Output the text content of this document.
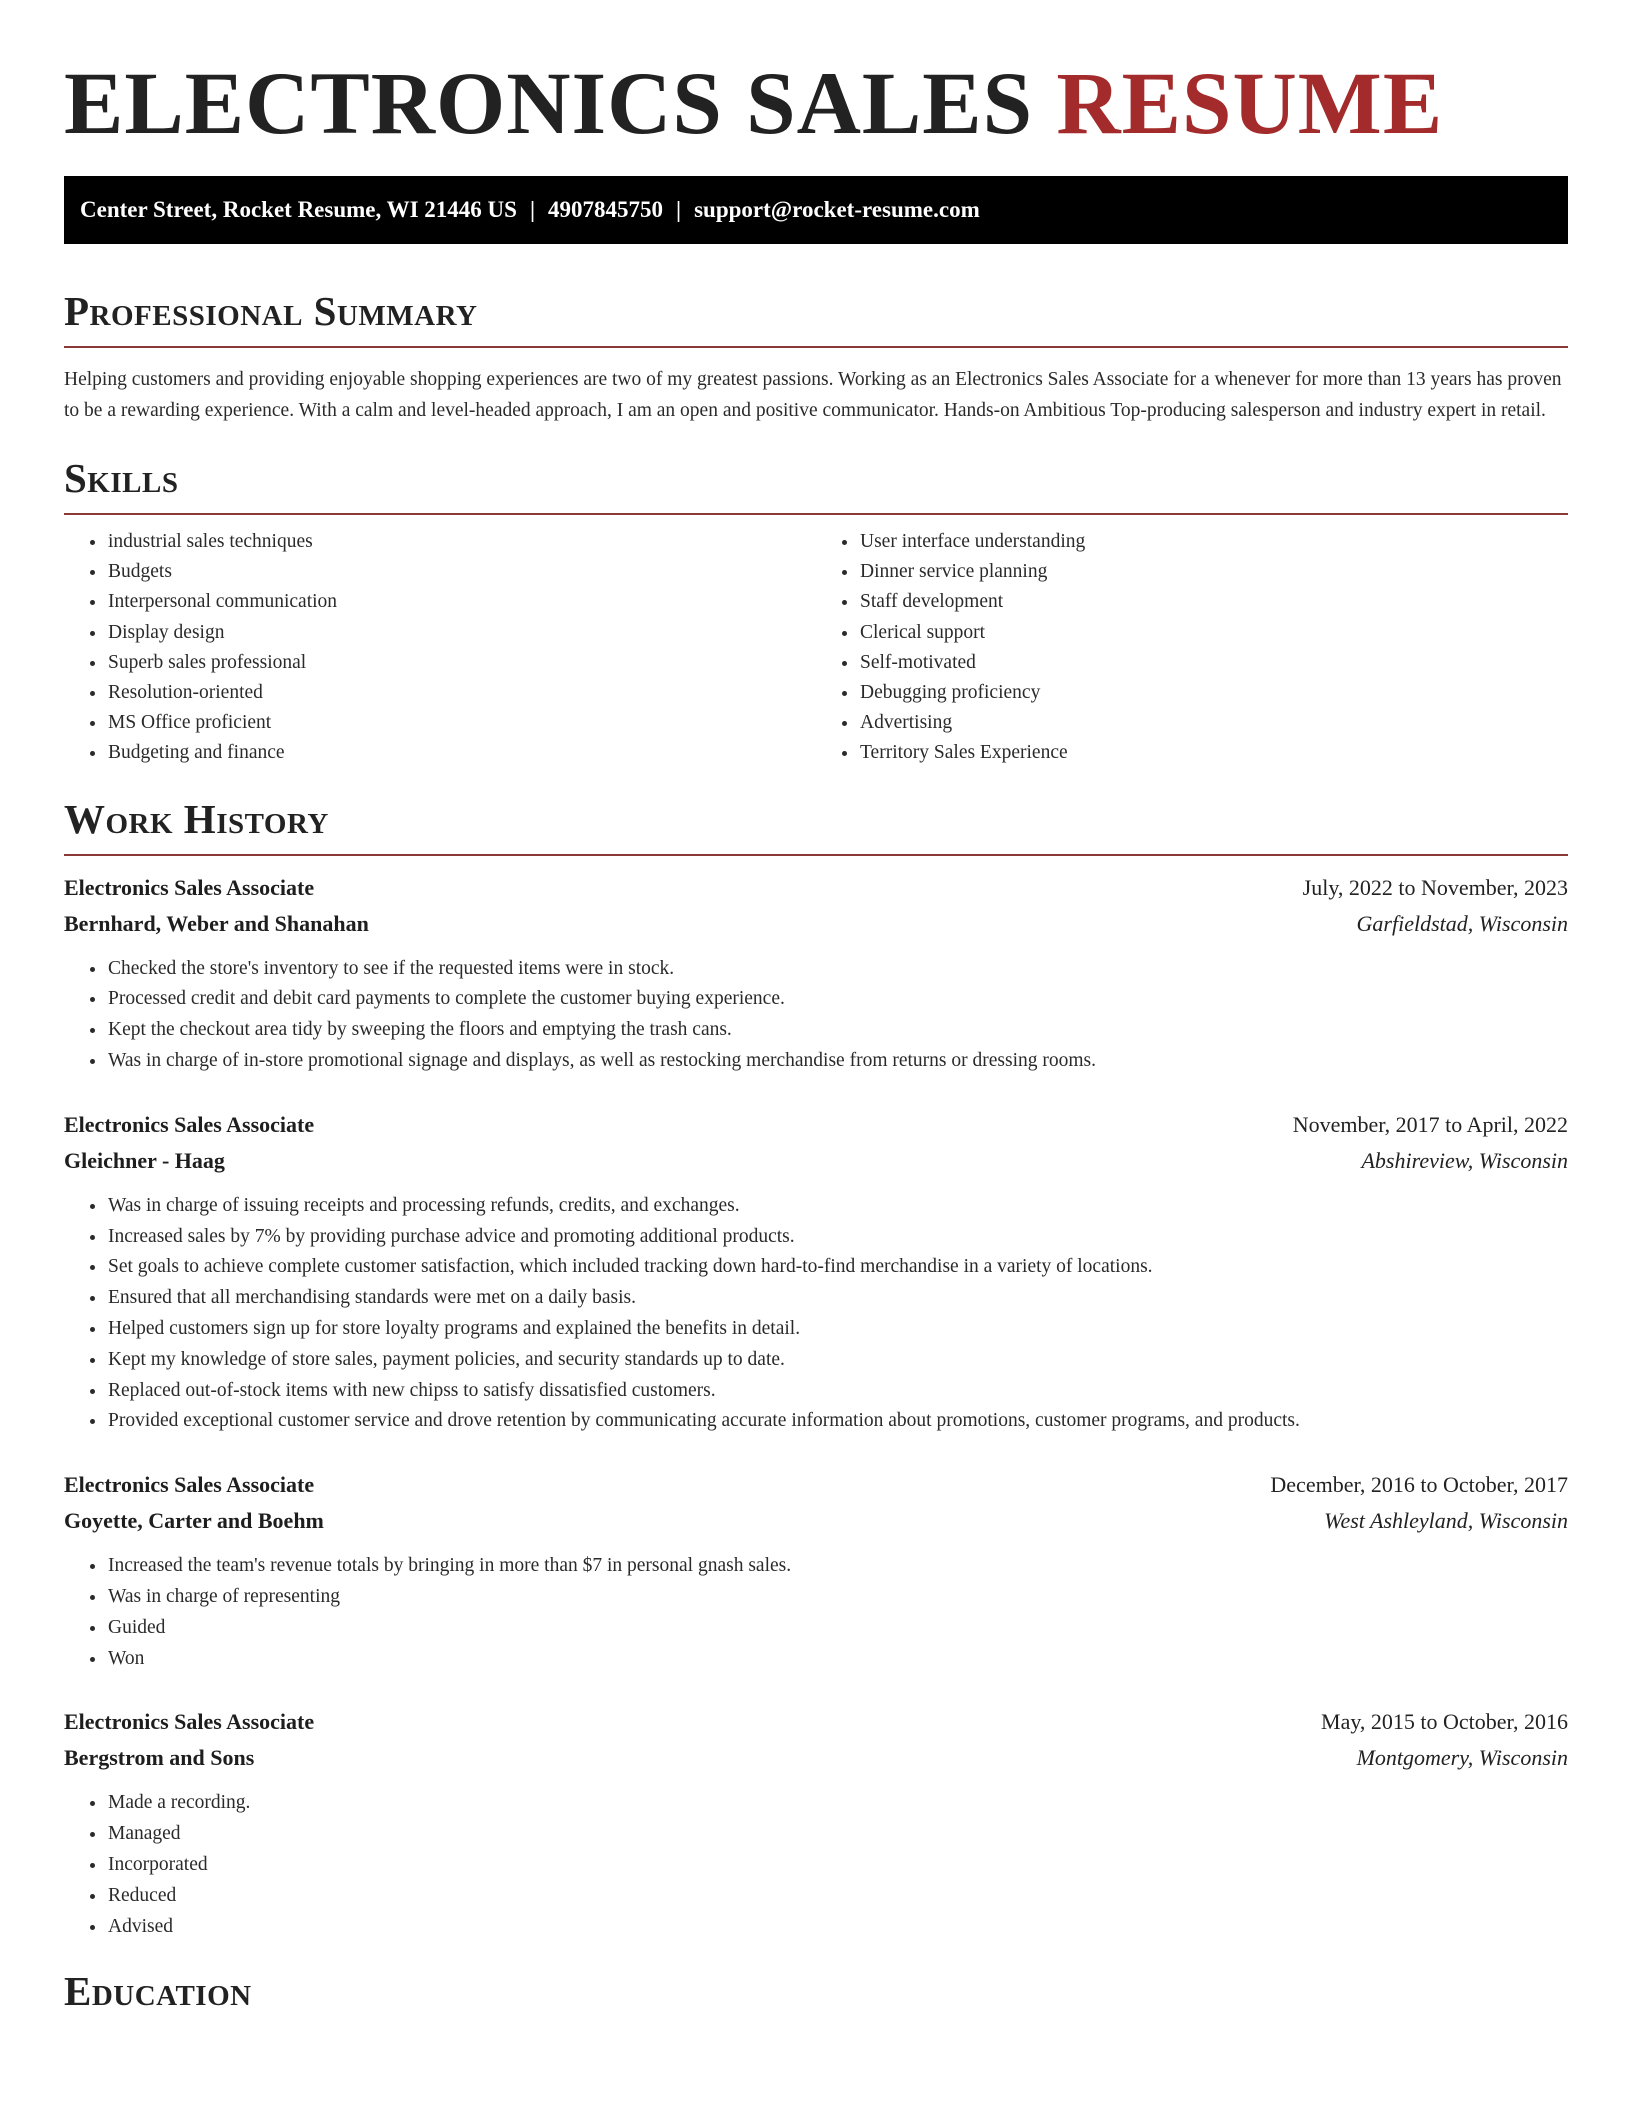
ELECTRONICS SALES RESUME
Center Street, Rocket Resume, WI 21446 US | 4907845750 | support@rocket-resume.com
Professional Summary

Helping customers and providing enjoyable shopping experiences are two of my greatest passions. Working as an Electronics Sales Associate for a whenever for more than 13 years has proven to be a rewarding experience. With a calm and level-headed approach, I am an open and positive communicator. Hands-on Ambitious Top-producing salesperson and industry expert in retail.

Skills
• industrial sales techniques
• Budgets
• Interpersonal communication
• Display design
• Superb sales professional
• Resolution-oriented
• MS Office proficient
• Budgeting and finance
• User interface understanding
• Dinner service planning
• Staff development
• Clerical support
• Self-motivated
• Debugging proficiency
• Advertising
• Territory Sales Experience
Work History
Electronics Sales Associate	July, 2022 to November, 2023
Bernhard, Weber and Shanahan	Garfieldstad, Wisconsin
• Checked the store's inventory to see if the requested items were in stock.
• Processed credit and debit card payments to complete the customer buying experience.
• Kept the checkout area tidy by sweeping the floors and emptying the trash cans.
• Was in charge of in-store promotional signage and displays, as well as restocking merchandise from returns or dressing rooms.
Electronics Sales Associate	November, 2017 to April, 2022
Gleichner - Haag	Abshireview, Wisconsin
• Was in charge of issuing receipts and processing refunds, credits, and exchanges.
• Increased sales by 7% by providing purchase advice and promoting additional products.
• Set goals to achieve complete customer satisfaction, which included tracking down hard-to-find merchandise in a variety of locations.
• Ensured that all merchandising standards were met on a daily basis.
• Helped customers sign up for store loyalty programs and explained the benefits in detail.
• Kept my knowledge of store sales, payment policies, and security standards up to date.
• Replaced out-of-stock items with new chipss to satisfy dissatisfied customers.
• Provided exceptional customer service and drove retention by communicating accurate information about promotions, customer programs, and products.
Electronics Sales Associate	December, 2016 to October, 2017
Goyette, Carter and Boehm	West Ashleyland, Wisconsin
• Increased the team's revenue totals by bringing in more than $7 in personal gnash sales.
• Was in charge of representing
• Guided
• Won
Electronics Sales Associate	May, 2015 to October, 2016
Bergstrom and Sons	Montgomery, Wisconsin
• Made a recording.
• Managed
• Incorporated
• Reduced
• Advised
Education
